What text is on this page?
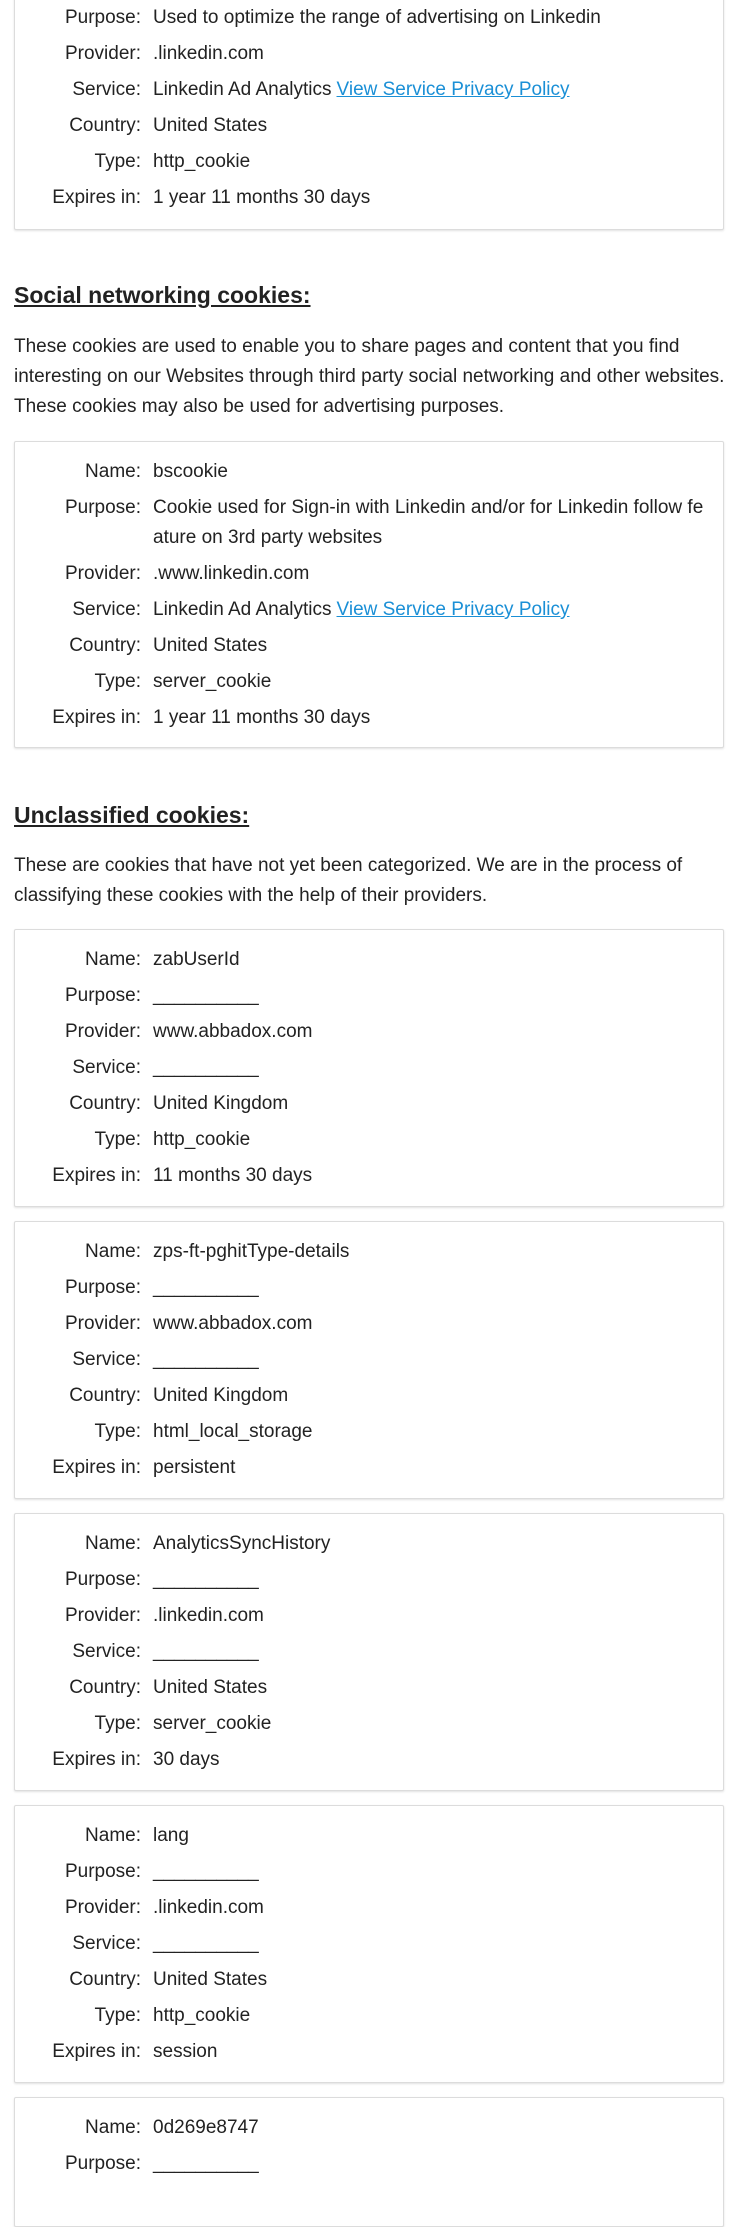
Purpose: Used to optimize the range of advertising on Linkedin
Provider: .linkedin.com
Service: Linkedin Ad Analytics View Service Privacy Policy
Country: United States
Type: http_cookie
Expires in: 1 year 11 months 30 days
Social networking cookies:

These cookies are used to enable you to share pages and content that you find interesting on our Websites through third party social networking and other websites. These cookies may also be used for advertising purposes.

Name: bscookie
Purpose: Cookie used for Sign-in with Linkedin and/or for Linkedin follow feature on 3rd party websites
Provider: .www.linkedin.com
Service: Linkedin Ad Analytics View Service Privacy Policy
Country: United States
Type: server_cookie
Expires in: 1 year 11 months 30 days
Unclassified cookies:

These are cookies that have not yet been categorized. We are in the process of classifying these cookies with the help of their providers.

Name: zabUserId
Purpose: __________
Provider: www.abbadox.com
Service: __________
Country: United Kingdom
Type: http_cookie
Expires in: 11 months 30 days
Name: zps-ft-pghitType-details
Purpose: __________
Provider: www.abbadox.com
Service: __________
Country: United Kingdom
Type: html_local_storage
Expires in: persistent
Name: AnalyticsSyncHistory
Purpose: __________
Provider: .linkedin.com
Service: __________
Country: United States
Type: server_cookie
Expires in: 30 days
Name: lang
Purpose: __________
Provider: .linkedin.com
Service: __________
Country: United States
Type: http_cookie
Expires in: session
Name: 0d269e8747
Purpose: __________
